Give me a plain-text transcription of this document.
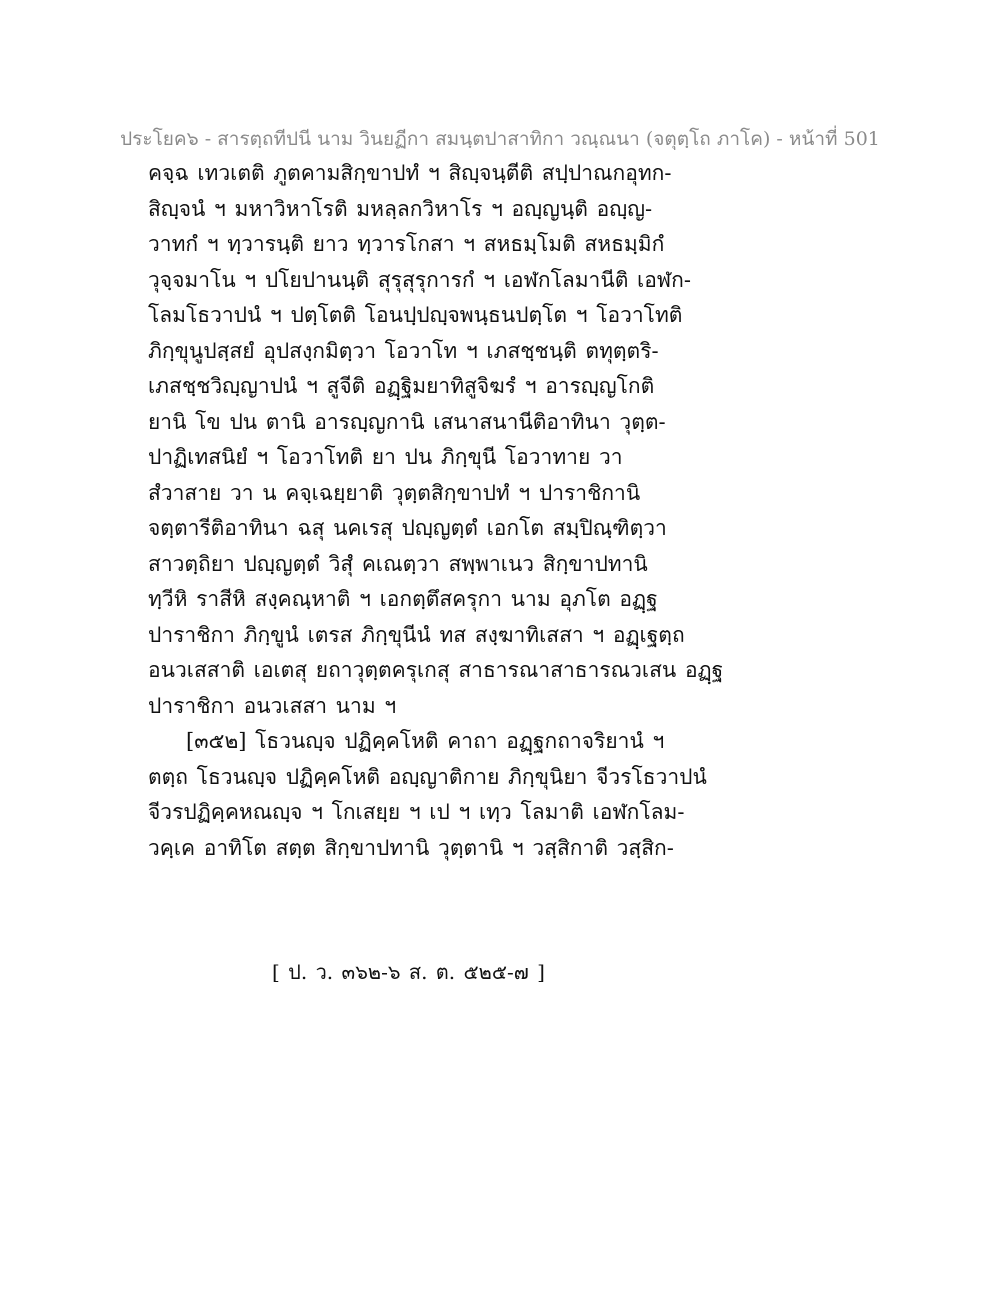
ประโยค๖ - สารตฺถทีปนี นาม วินยฏีกา สมนฺตปาสาทิกา วณฺณนา (จตุตฺโถ ภาโค) - หน้าที่ 501
คจฺฉ เทวเตติ ภูตคามสิกฺขาปทํ ฯ สิญฺจนฺตีติ สปฺปาณกอุทก-
สิญฺจนํ ฯ มหาวิหาโรติ มหลฺลกวิหาโร ฯ อญฺญนฺติ อญฺญ-
วาทกํ ฯ ทฺวารนฺติ ยาว ทฺวารโกสา ฯ สหธมฺโมติ สหธมฺมิกํ
วุจฺจมาโน ฯ ปโยปานนฺติ สุรุสุรุการกํ ฯ เอฬกโลมานีติ เอฬก-
โลมโธวาปนํ ฯ ปตฺโตติ โอนปฺปญฺจพนฺธนปตฺโต ฯ โอวาโทติ
ภิกฺขุนูปสฺสยํ อุปสงฺกมิตฺวา โอวาโท ฯ เภสชฺชนฺติ ตทุตฺตริ-
เภสชฺชวิญฺญาปนํ ฯ สูจีติ อฏฺฐิมยาทิสูจิฆรํ ฯ อารญฺญโกติ
ยานิ โข ปน ตานิ อารญฺญกานิ เสนาสนานีติอาทินา วุตฺต-
ปาฏิเทสนิยํ ฯ โอวาโทติ ยา ปน ภิกฺขุนี โอวาทาย วา
สํวาสาย วา น คจฺเฉยฺยาติ วุตฺตสิกฺขาปทํ ฯ ปาราชิกานิ
จตฺตารีติอาทินา ฉสุ นคเรสุ ปญฺญตฺตํ เอกโต สมฺปิณฺฑิตฺวา
สาวตฺถิยา ปญฺญตฺตํ วิสุํ คเณตฺวา สพฺพาเนว สิกฺขาปทานิ
ทฺวีหิ ราสีหิ สงฺคณฺหาติ ฯ เอกตฺตึสครุกา นาม อุภโต อฏฺฐ
ปาราชิกา ภิกฺขูนํ เตรส ภิกฺขุนีนํ ทส สงฺฆาทิเสสา ฯ อฏฺเฐตฺถ
อนวเสสาติ เอเตสุ ยถาวุตฺตครุเกสุ สาธารณาสาธารณวเสน อฏฺฐ
ปาราชิกา อนวเสสา นาม ฯ
[๓๕๒] โธวนญฺจ ปฏิคฺคโหติ คาถา อฏฺฐกถาจริยานํ ฯ
ตตฺถ โธวนญฺจ ปฏิคฺคโหติ อญฺญาติกาย ภิกฺขุนิยา จีวรโธวาปนํ
จีวรปฏิคฺคหณญฺจ ฯ โกเสยฺย ฯ เป ฯ เทฺว โลมาติ เอฬกโลม-
วคฺเค อาทิโต สตฺต สิกฺขาปทานิ วุตฺตานิ ฯ วสฺสิกาติ วสฺสิก-
[ ป. ว. ๓๖๒-๖ ส. ต. ๕๒๕-๗ ]
